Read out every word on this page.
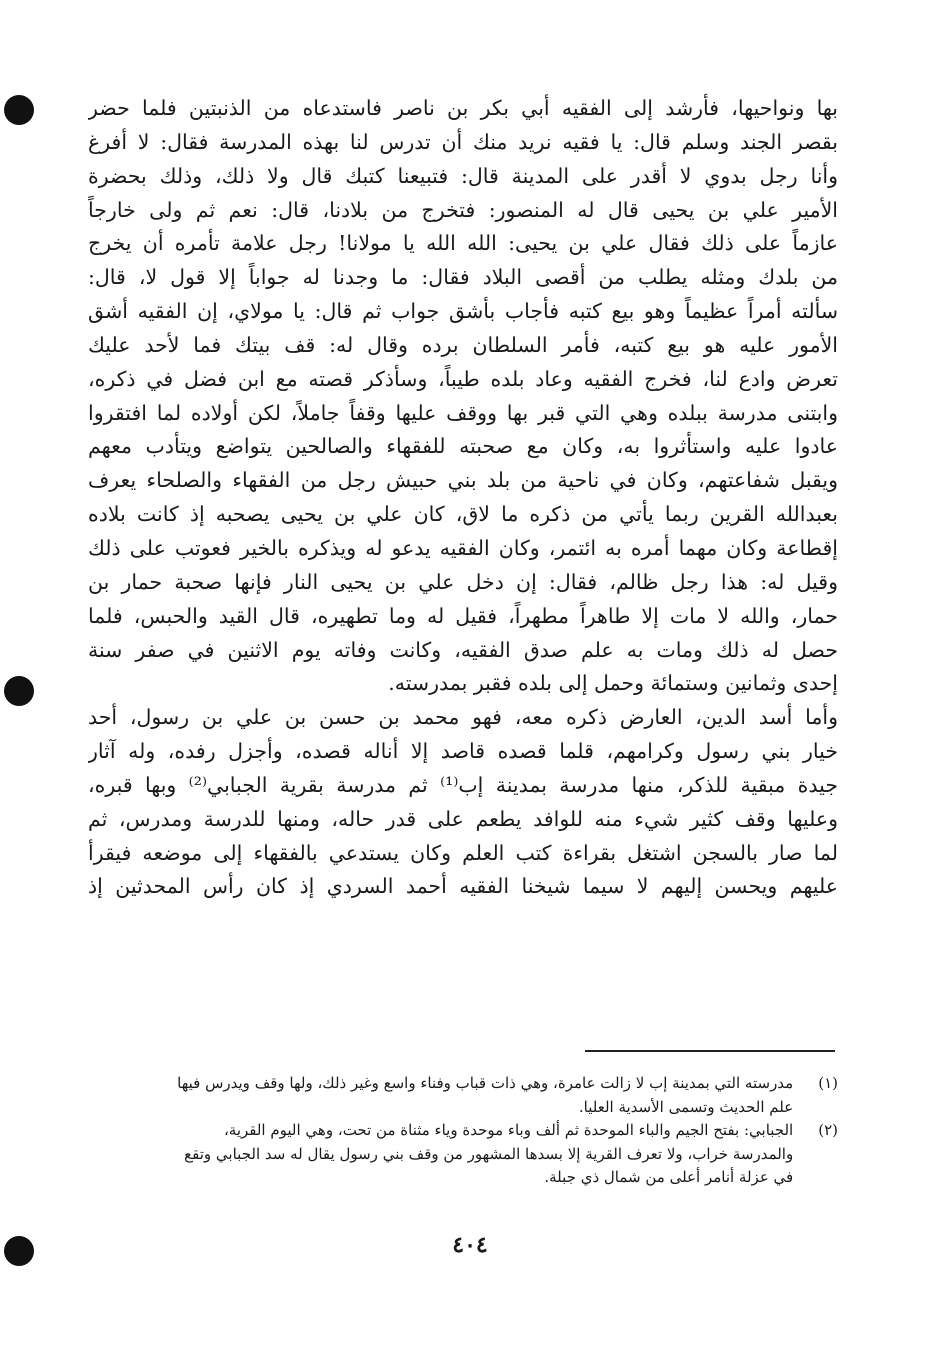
بها ونواحيها، فأرشد إلى الفقيه أبي بكر بن ناصر فاستدعاه من الذنبتين فلما حضر
بقصر الجند وسلم قال: يا فقيه نريد منك أن تدرس لنا بهذه المدرسة فقال: لا أفرغ
وأنا رجل بدوي لا أقدر على المدينة قال: فتبيعنا كتبك قال ولا ذلك، وذلك بحضرة
الأمير علي بن يحيى قال له المنصور: فتخرج من بلادنا، قال: نعم ثم ولى خارجاً
عازماً على ذلك فقال علي بن يحيى: الله الله يا مولانا! رجل علامة تأمره أن يخرج
من بلدك ومثله يطلب من أقصى البلاد فقال: ما وجدنا له جواباً إلا قول لا، قال:
سألته أمراً عظيماً وهو بيع كتبه فأجاب بأشق جواب ثم قال: يا مولاي، إن الفقيه أشق
الأمور عليه هو بيع كتبه، فأمر السلطان برده وقال له: قف بيتك فما لأحد عليك
تعرض وادع لنا، فخرج الفقيه وعاد بلده طيباً، وسأذكر قصته مع ابن فضل في ذكره،
وابتنى مدرسة ببلده وهي التي قبر بها ووقف عليها وقفاً جاملاً، لكن أولاده لما افتقروا
عادوا عليه واستأثروا به، وكان مع صحبته للفقهاء والصالحين يتواضع ويتأدب معهم
ويقبل شفاعتهم، وكان في ناحية من بلد بني حبيش رجل من الفقهاء والصلحاء يعرف
بعبدالله القرين ربما يأتي من ذكره ما لاق، كان علي بن يحيى يصحبه إذ كانت بلاده
إقطاعة وكان مهما أمره به ائتمر، وكان الفقيه يدعو له ويذكره بالخير فعوتب على ذلك
وقيل له: هذا رجل ظالم، فقال: إن دخل علي بن يحيى النار فإنها صحبة حمار بن
حمار، والله لا مات إلا طاهراً مطهراً، فقيل له وما تطهيره، قال القيد والحبس، فلما
حصل له ذلك ومات به علم صدق الفقيه، وكانت وفاته يوم الاثنين في صفر سنة
إحدى وثمانين وستمائة وحمل إلى بلده فقبر بمدرسته.
وأما أسد الدين، العارض ذكره معه، فهو محمد بن حسن بن علي بن رسول، أحد
خيار بني رسول وكرامهم، قلما قصده قاصد إلا أناله قصده، وأجزل رفده، وله آثار
جيدة مبقية للذكر، منها مدرسة بمدينة إب⁽¹⁾ ثم مدرسة بقرية الجبابي⁽²⁾ وبها قبره،
وعليها وقف كثير شيء منه للوافد يطعم على قدر حاله، ومنها للدرسة ومدرس، ثم
لما صار بالسجن اشتغل بقراءة كتب العلم وكان يستدعي بالفقهاء إلى موضعه فيقرأ
عليهم ويحسن إليهم لا سيما شيخنا الفقيه أحمد السردي إذ كان رأس المحدثين إذ
(١) مدرسته التي بمدينة إب لا زالت عامرة، وهي ذات قباب وفناء واسع وغير ذلك، ولها وقف ويدرس فيها
علم الحديث وتسمى الأسدية العليا.
(٢) الجبابي: بفتح الجيم والباء الموحدة ثم ألف وباء موحدة وياء مثناة من تحت، وهي اليوم القرية،
والمدرسة خراب، ولا تعرف القرية إلا بسدها المشهور من وقف بني رسول يقال له سد الجبابي وتقع
في عزلة أنامر أعلى من شمال ذي جبلة.
٤٠٤
